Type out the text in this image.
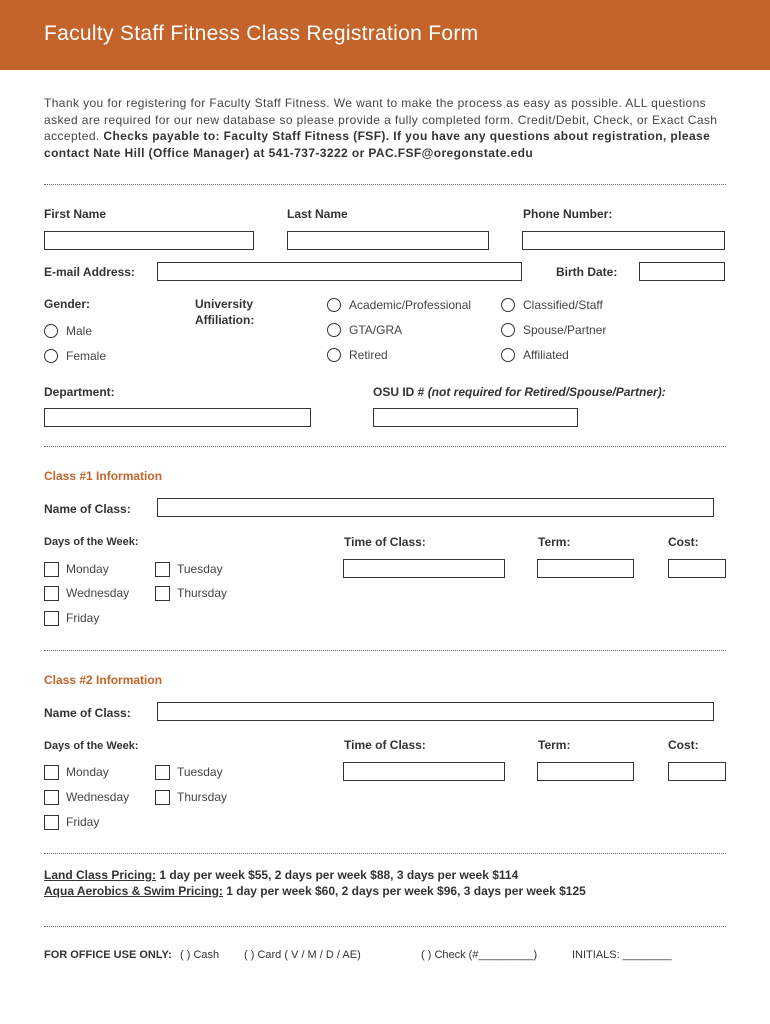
Faculty Staff Fitness Class Registration Form
Thank you for registering for Faculty Staff Fitness. We want to make the process as easy as possible. ALL questions asked are required for our new database so please provide a fully completed form. Credit/Debit, Check, or Exact Cash accepted. Checks payable to: Faculty Staff Fitness (FSF). If you have any questions about registration, please contact Nate Hill (Office Manager) at 541-737-3222 or PAC.FSF@oregonstate.edu
First Name	Last Name	Phone Number:
E-mail Address:	Birth Date:
Gender:
Male
Female
University
Affiliation:
Academic/Professional	Classified/Staff
GTA/GRA	Spouse/Partner
Retired	Affiliated
Department:	OSU ID # (not required for Retired/Spouse/Partner):
Class #1 Information
Name of Class:
Days of the Week:	Time of Class:	Term:	Cost:
Monday	Tuesday
Wednesday	Thursday
Friday
Class #2 Information
Name of Class:
Days of the Week:	Time of Class:	Term:	Cost:
Monday	Tuesday
Wednesday	Thursday
Friday
Land Class Pricing: 1 day per week $55, 2 days per week $88, 3 days per week $114
Aqua Aerobics & Swim Pricing: 1 day per week $60, 2 days per week $96, 3 days per week $125
FOR OFFICE USE ONLY: ( ) Cash ( ) Card ( V / M / D / AE)	( ) Check (#_________)	INITIALS: ________
